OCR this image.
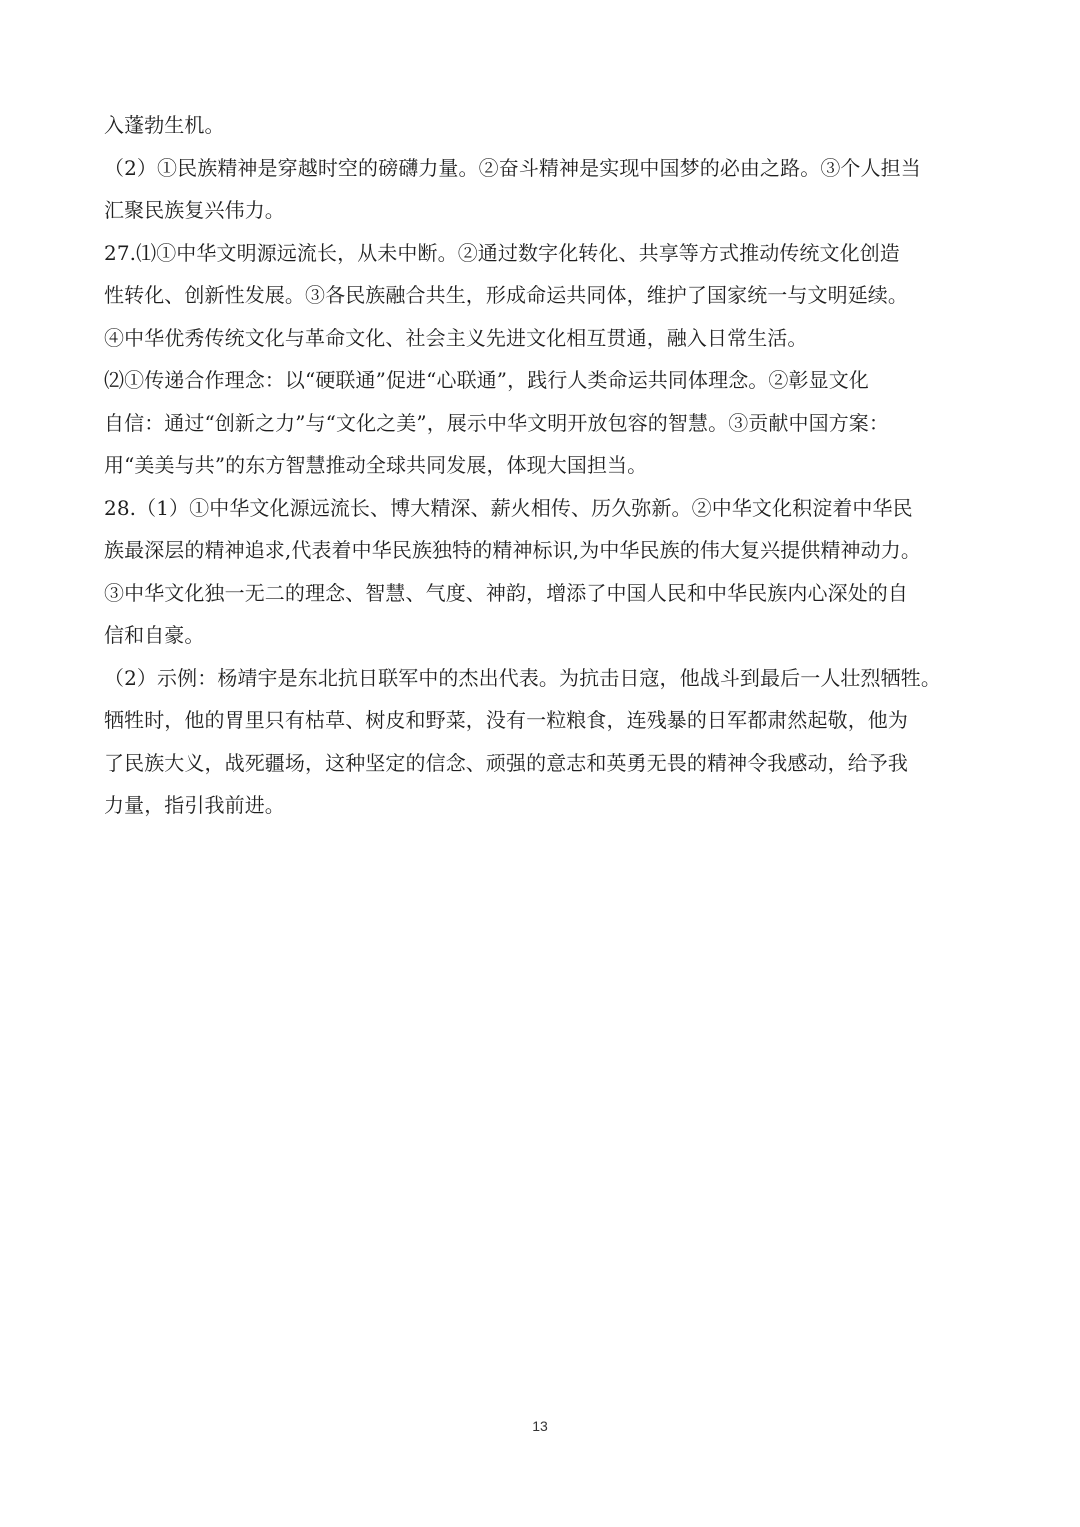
入蓬勃生机。
（2）①民族精神是穿越时空的磅礴力量。②奋斗精神是实现中国梦的必由之路。③个人担当
汇聚民族复兴伟力。
27.⑴①中华文明源远流长，从未中断。②通过数字化转化、共享等方式推动传统文化创造
性转化、创新性发展。③各民族融合共生，形成命运共同体，维护了国家统一与文明延续。
④中华优秀传统文化与革命文化、社会主义先进文化相互贯通，融入日常生活。
⑵①传递合作理念：以“硬联通”促进“心联通”，践行人类命运共同体理念。②彰显文化
自信：通过“创新之力”与“文化之美”，展示中华文明开放包容的智慧。③贡献中国方案：
用“美美与共”的东方智慧推动全球共同发展，体现大国担当。
28.（1）①中华文化源远流长、博大精深、薪火相传、历久弥新。②中华文化积淀着中华民
族最深层的精神追求,代表着中华民族独特的精神标识,为中华民族的伟大复兴提供精神动力。
③中华文化独一无二的理念、智慧、气度、神韵，增添了中国人民和中华民族内心深处的自
信和自豪。
（2）示例：杨靖宇是东北抗日联军中的杰出代表。为抗击日寇，他战斗到最后一人壮烈牺牲。
牺牲时，他的胃里只有枯草、树皮和野菜，没有一粒粮食，连残暴的日军都肃然起敬，他为
了民族大义，战死疆场，这种坚定的信念、顽强的意志和英勇无畏的精神令我感动，给予我
力量，指引我前进。
13
